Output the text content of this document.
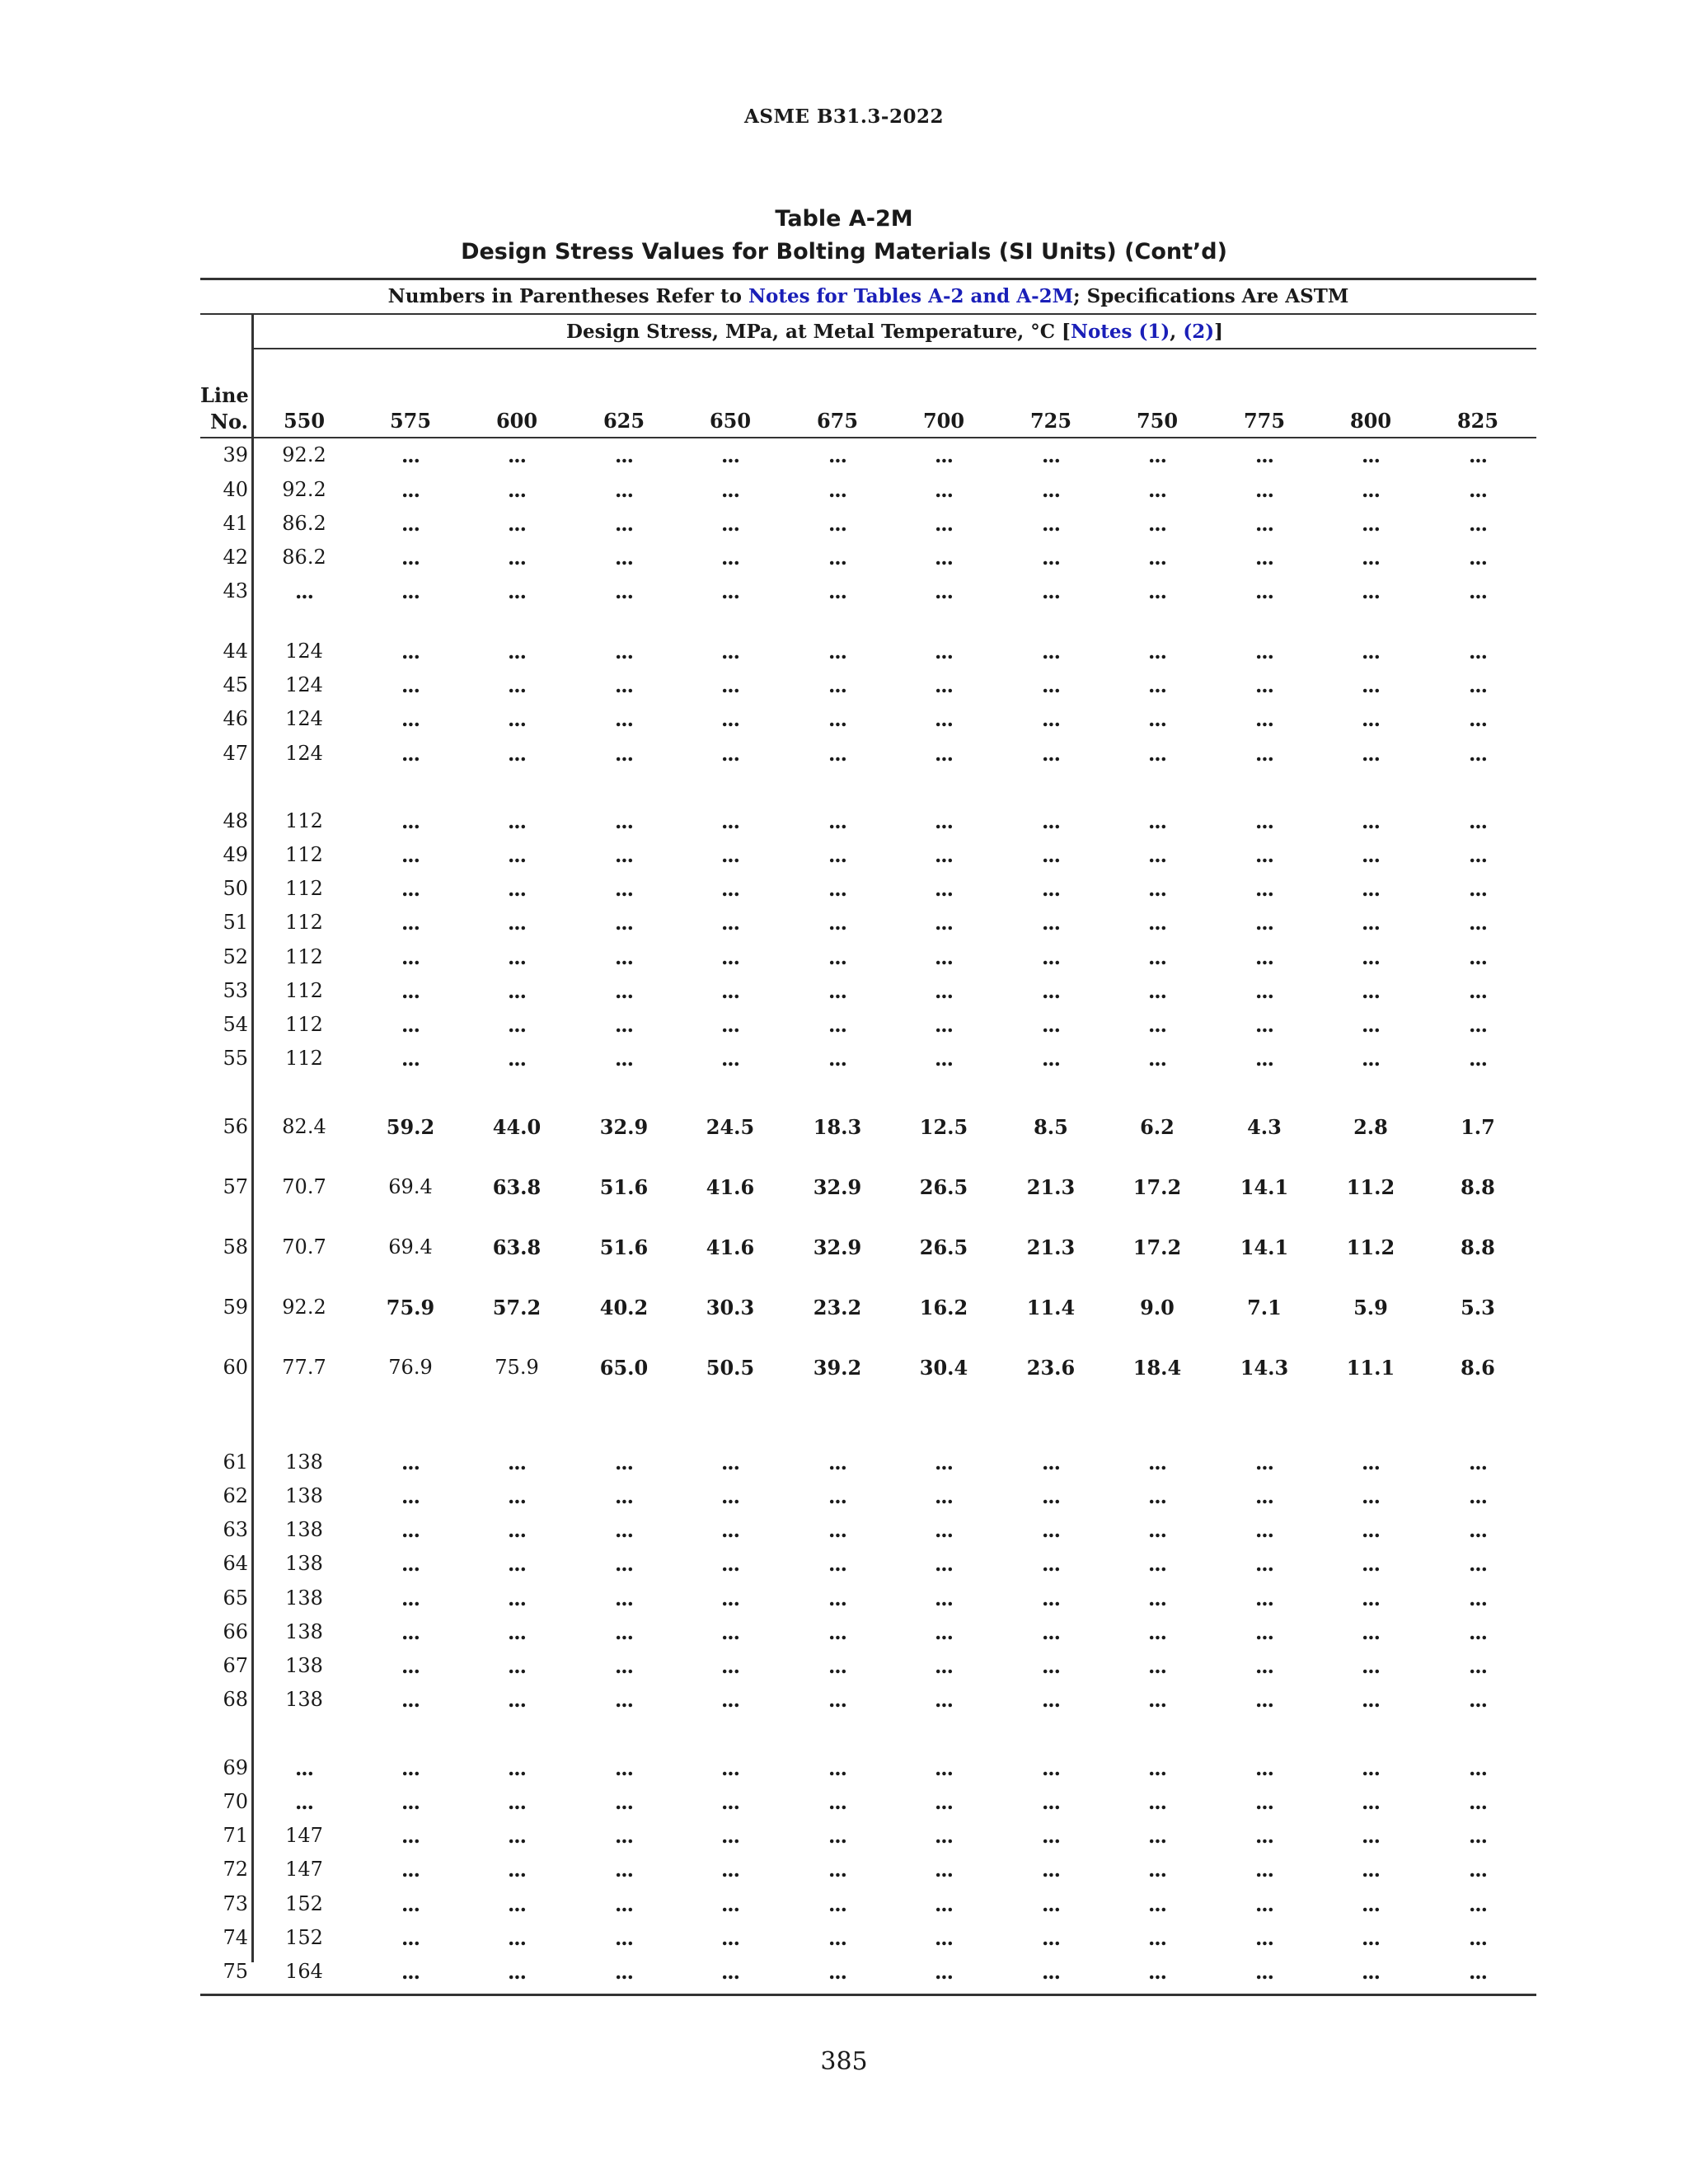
ASME B31.3-2022
Table A-2M
Design Stress Values for Bolting Materials (SI Units) (Cont’d)
Numbers in Parentheses Refer to Notes for Tables A-2 and A-2M; Specifications Are ASTM
Design Stress, MPa, at Metal Temperature, °C [Notes (1), (2)]
Line
No.	550	575	600	625	650	675	700	725	750	775	800	825
39	92.2	...	...	...	...	...	...	...	...	...	...	...
40	92.2	...	...	...	...	...	...	...	...	...	...	...
41	86.2	...	...	...	...	...	...	...	...	...	...	...
42	86.2	...	...	...	...	...	...	...	...	...	...	...
43	...	...	...	...	...	...	...	...	...	...	...	...
44	124	...	...	...	...	...	...	...	...	...	...	...
45	124	...	...	...	...	...	...	...	...	...	...	...
46	124	...	...	...	...	...	...	...	...	...	...	...
47	124	...	...	...	...	...	...	...	...	...	...	...
48	112	...	...	...	...	...	...	...	...	...	...	...
49	112	...	...	...	...	...	...	...	...	...	...	...
50	112	...	...	...	...	...	...	...	...	...	...	...
51	112	...	...	...	...	...	...	...	...	...	...	...
52	112	...	...	...	...	...	...	...	...	...	...	...
53	112	...	...	...	...	...	...	...	...	...	...	...
54	112	...	...	...	...	...	...	...	...	...	...	...
55	112	...	...	...	...	...	...	...	...	...	...	...
56	82.4	59.2	44.0	32.9	24.5	18.3	12.5	8.5	6.2	4.3	2.8	1.7
57	70.7	69.4	63.8	51.6	41.6	32.9	26.5	21.3	17.2	14.1	11.2	8.8
58	70.7	69.4	63.8	51.6	41.6	32.9	26.5	21.3	17.2	14.1	11.2	8.8
59	92.2	75.9	57.2	40.2	30.3	23.2	16.2	11.4	9.0	7.1	5.9	5.3
60	77.7	76.9	75.9	65.0	50.5	39.2	30.4	23.6	18.4	14.3	11.1	8.6
61	138	...	...	...	...	...	...	...	...	...	...	...
62	138	...	...	...	...	...	...	...	...	...	...	...
63	138	...	...	...	...	...	...	...	...	...	...	...
64	138	...	...	...	...	...	...	...	...	...	...	...
65	138	...	...	...	...	...	...	...	...	...	...	...
66	138	...	...	...	...	...	...	...	...	...	...	...
67	138	...	...	...	...	...	...	...	...	...	...	...
68	138	...	...	...	...	...	...	...	...	...	...	...
69	...	...	...	...	...	...	...	...	...	...	...	...
70	...	...	...	...	...	...	...	...	...	...	...	...
71	147	...	...	...	...	...	...	...	...	...	...	...
72	147	...	...	...	...	...	...	...	...	...	...	...
73	152	...	...	...	...	...	...	...	...	...	...	...
74	152	...	...	...	...	...	...	...	...	...	...	...
75	164	...	...	...	...	...	...	...	...	...	...	...
385
